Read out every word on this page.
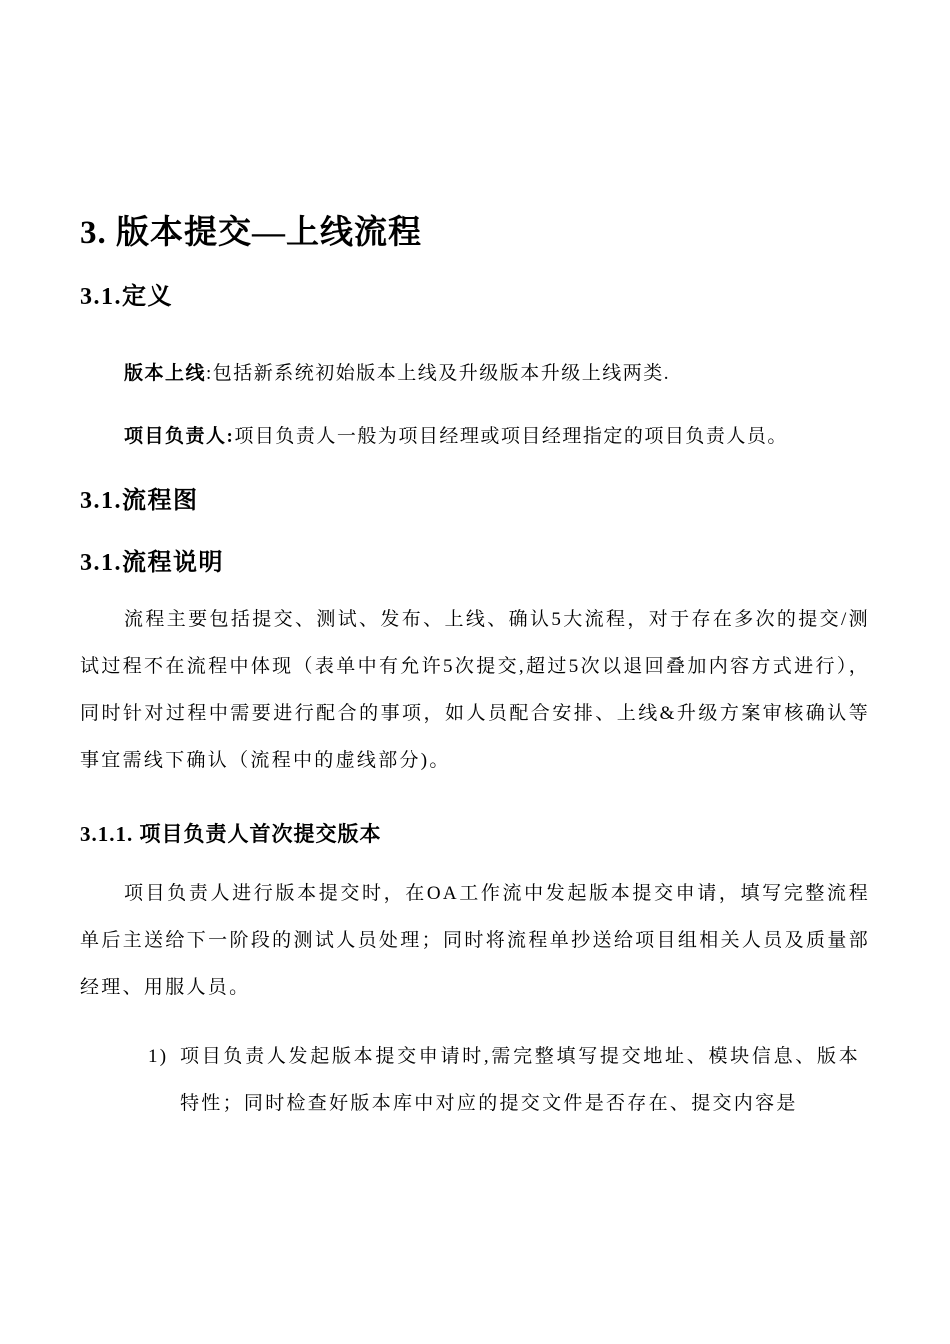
3. 版本提交—上线流程
3.1.定义
版本上线:包括新系统初始版本上线及升级版本升级上线两类.
项目负责人:项目负责人一般为项目经理或项目经理指定的项目负责人员。
3.1.流程图
3.1.流程说明
流程主要包括提交、测试、发布、上线、确认5大流程，对于存在多次的提交/测试过程不在流程中体现（表单中有允许5次提交,超过5次以退回叠加内容方式进行），同时针对过程中需要进行配合的事项，如人员配合安排、上线&升级方案审核确认等事宜需线下确认（流程中的虚线部分)。
3.1.1. 项目负责人首次提交版本
项目负责人进行版本提交时，在OA工作流中发起版本提交申请，填写完整流程单后主送给下一阶段的测试人员处理；同时将流程单抄送给项目组相关人员及质量部经理、用服人员。
1) 项目负责人发起版本提交申请时,需完整填写提交地址、模块信息、版本特性；同时检查好版本库中对应的提交文件是否存在、提交内容是
